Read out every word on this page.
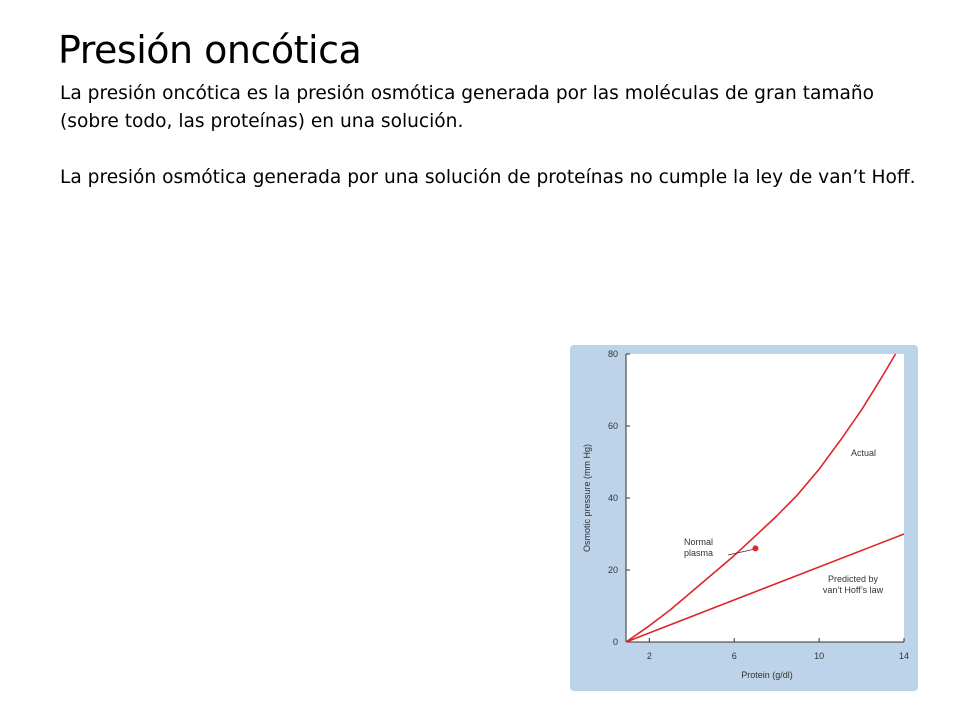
Presión oncótica

La presión oncótica es la presión osmótica generada por las moléculas de gran tamaño (sobre todo, las proteínas) en una solución.

La presión osmótica generada por una solución de proteínas no cumple la ley de van’t Hoff.

Osmotic pressure (mm Hg)
Protein (g/dl)
0
20
40
60
80
2	6	10	14
Normal plasma
Actual
Predicted by van’t Hoff’s law
